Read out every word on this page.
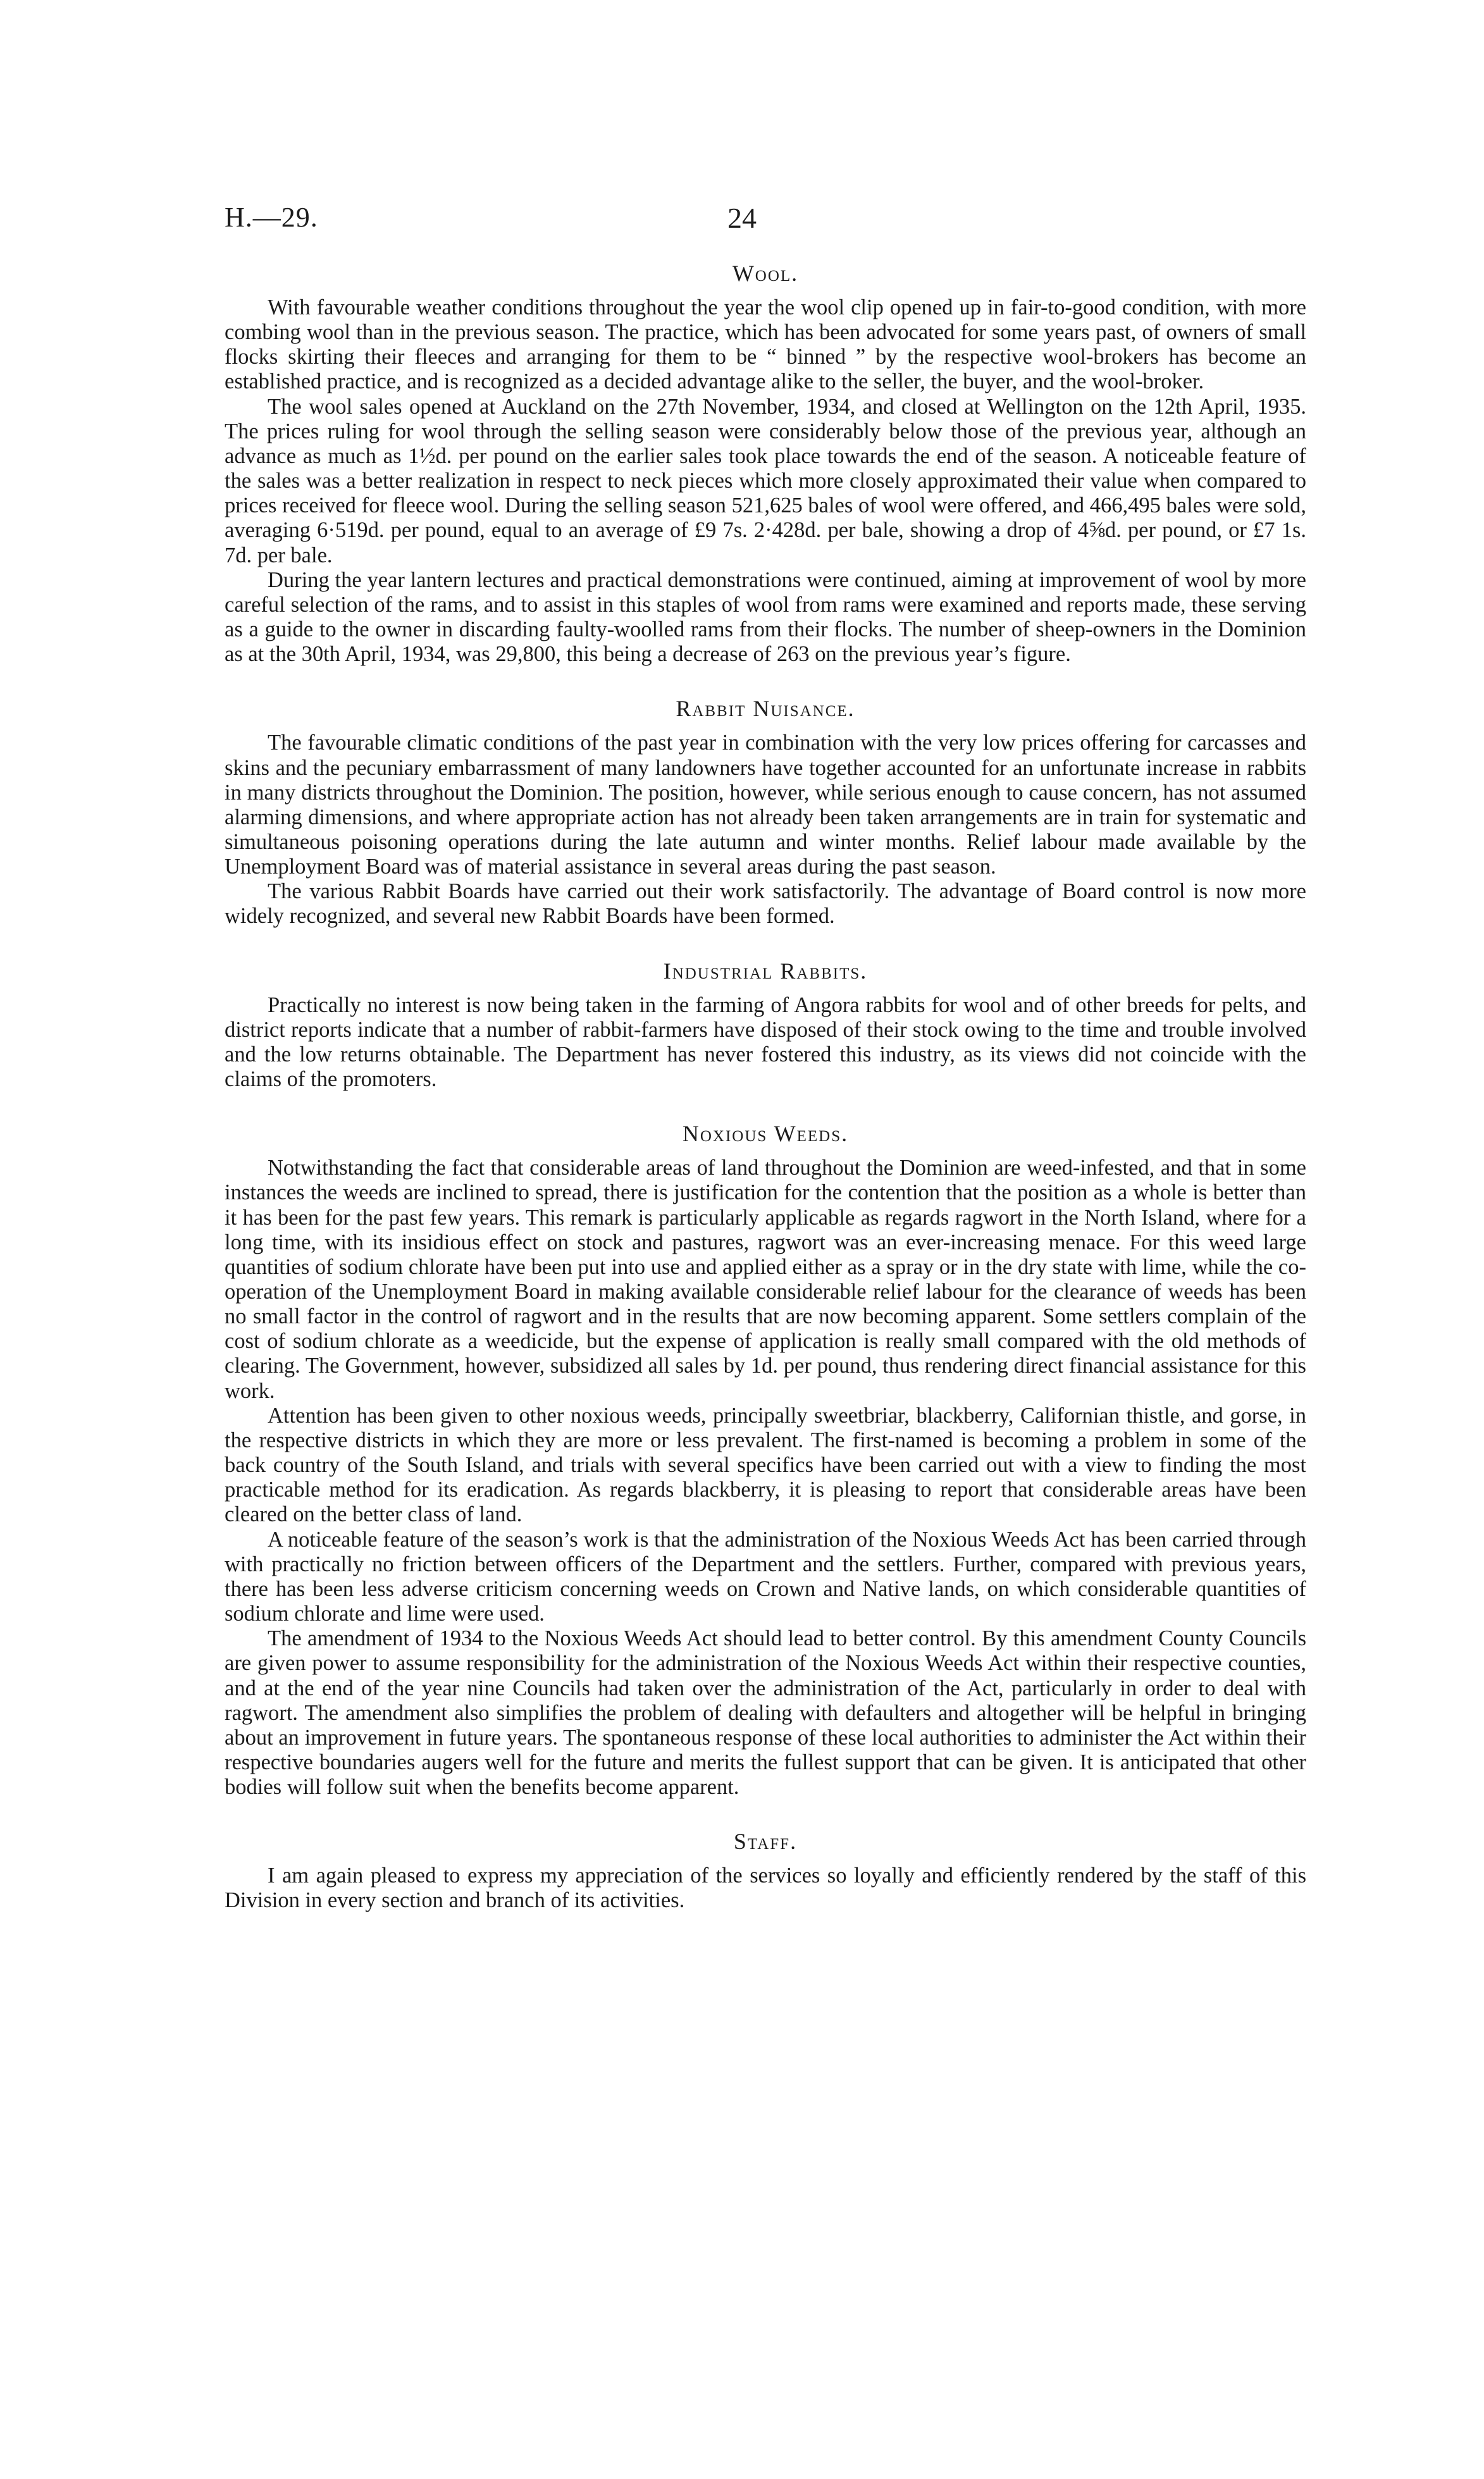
H.—29.	24
Wool.

With favourable weather conditions throughout the year the wool clip opened up in fair-to-good condition, with more combing wool than in the previous season. The practice, which has been advocated for some years past, of owners of small flocks skirting their fleeces and arranging for them to be “ binned ” by the respective wool-brokers has become an established practice, and is recognized as a decided advantage alike to the seller, the buyer, and the wool-broker.

The wool sales opened at Auckland on the 27th November, 1934, and closed at Wellington on the 12th April, 1935. The prices ruling for wool through the selling season were considerably below those of the previous year, although an advance as much as 1½d. per pound on the earlier sales took place towards the end of the season. A noticeable feature of the sales was a better realization in respect to neck pieces which more closely approximated their value when compared to prices received for fleece wool. During the selling season 521,625 bales of wool were offered, and 466,495 bales were sold, averaging 6·519d. per pound, equal to an average of £9 7s. 2·428d. per bale, showing a drop of 4⅝d. per pound, or £7 1s. 7d. per bale.

During the year lantern lectures and practical demonstrations were continued, aiming at improvement of wool by more careful selection of the rams, and to assist in this staples of wool from rams were examined and reports made, these serving as a guide to the owner in discarding faulty-woolled rams from their flocks. The number of sheep-owners in the Dominion as at the 30th April, 1934, was 29,800, this being a decrease of 263 on the previous year’s figure.

Rabbit Nuisance.

The favourable climatic conditions of the past year in combination with the very low prices offering for carcasses and skins and the pecuniary embarrassment of many landowners have together accounted for an unfortunate increase in rabbits in many districts throughout the Dominion. The position, however, while serious enough to cause concern, has not assumed alarming dimensions, and where appropriate action has not already been taken arrangements are in train for systematic and simultaneous poisoning operations during the late autumn and winter months. Relief labour made available by the Unemployment Board was of material assistance in several areas during the past season.

The various Rabbit Boards have carried out their work satisfactorily. The advantage of Board control is now more widely recognized, and several new Rabbit Boards have been formed.

Industrial Rabbits.

Practically no interest is now being taken in the farming of Angora rabbits for wool and of other breeds for pelts, and district reports indicate that a number of rabbit-farmers have disposed of their stock owing to the time and trouble involved and the low returns obtainable. The Department has never fostered this industry, as its views did not coincide with the claims of the promoters.

Noxious Weeds.

Notwithstanding the fact that considerable areas of land throughout the Dominion are weed-infested, and that in some instances the weeds are inclined to spread, there is justification for the contention that the position as a whole is better than it has been for the past few years. This remark is particularly applicable as regards ragwort in the North Island, where for a long time, with its insidious effect on stock and pastures, ragwort was an ever-increasing menace. For this weed large quantities of sodium chlorate have been put into use and applied either as a spray or in the dry state with lime, while the co-operation of the Unemployment Board in making available considerable relief labour for the clearance of weeds has been no small factor in the control of ragwort and in the results that are now becoming apparent. Some settlers complain of the cost of sodium chlorate as a weedicide, but the expense of application is really small compared with the old methods of clearing. The Government, however, subsidized all sales by 1d. per pound, thus rendering direct financial assistance for this work.

Attention has been given to other noxious weeds, principally sweetbriar, blackberry, Californian thistle, and gorse, in the respective districts in which they are more or less prevalent. The first-named is becoming a problem in some of the back country of the South Island, and trials with several specifics have been carried out with a view to finding the most practicable method for its eradication. As regards blackberry, it is pleasing to report that considerable areas have been cleared on the better class of land.

A noticeable feature of the season’s work is that the administration of the Noxious Weeds Act has been carried through with practically no friction between officers of the Department and the settlers. Further, compared with previous years, there has been less adverse criticism concerning weeds on Crown and Native lands, on which considerable quantities of sodium chlorate and lime were used.

The amendment of 1934 to the Noxious Weeds Act should lead to better control. By this amendment County Councils are given power to assume responsibility for the administration of the Noxious Weeds Act within their respective counties, and at the end of the year nine Councils had taken over the administration of the Act, particularly in order to deal with ragwort. The amendment also simplifies the problem of dealing with defaulters and altogether will be helpful in bringing about an improvement in future years. The spontaneous response of these local authorities to administer the Act within their respective boundaries augers well for the future and merits the fullest support that can be given. It is anticipated that other bodies will follow suit when the benefits become apparent.

Staff.

I am again pleased to express my appreciation of the services so loyally and efficiently rendered by the staff of this Division in every section and branch of its activities.
